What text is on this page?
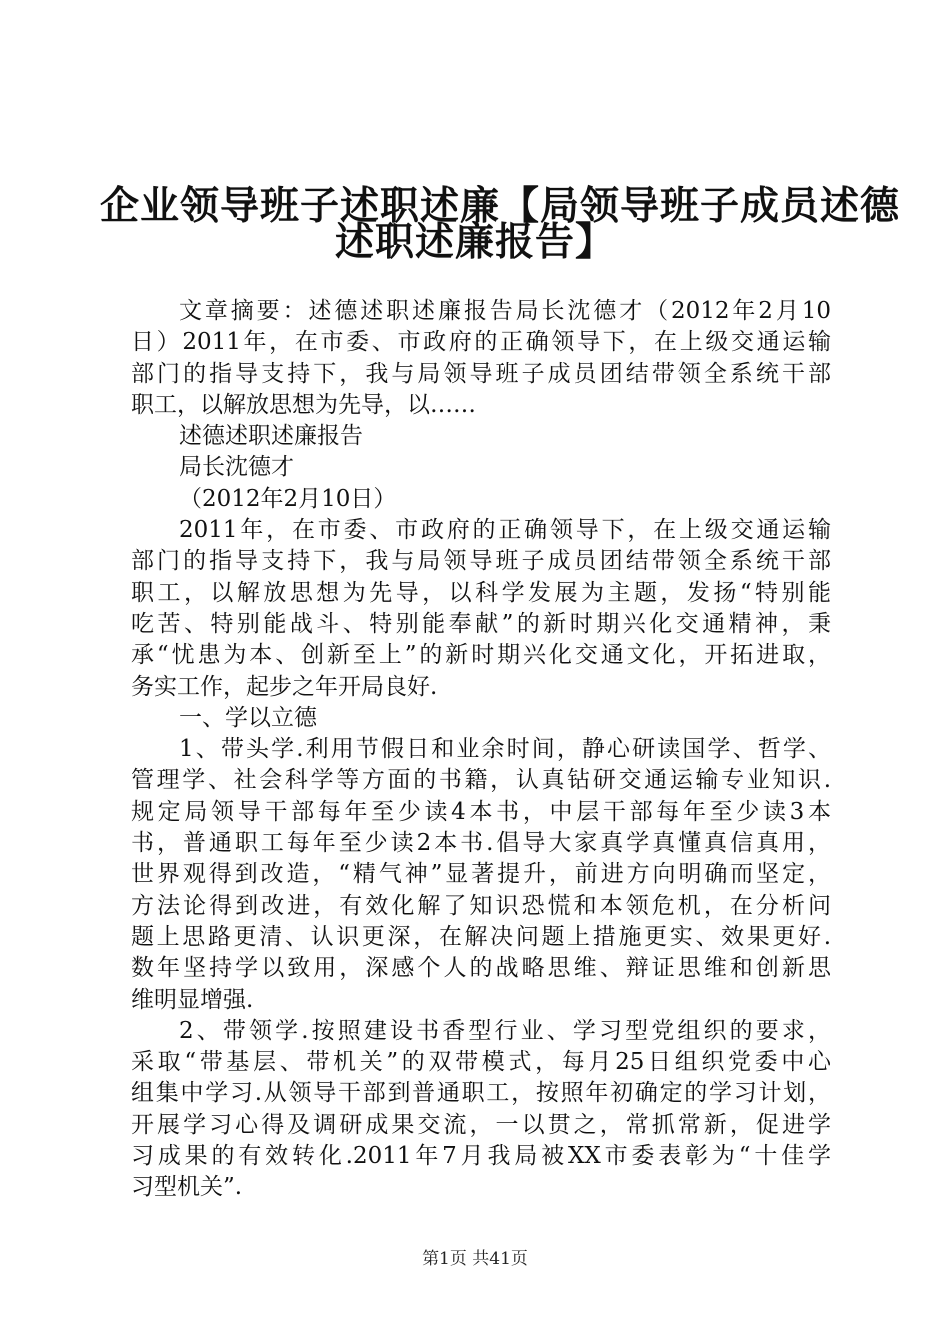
企业领导班子述职述廉【局领导班子成员述德
述职述廉报告】
文章摘要：述德述职述廉报告局长沈德才（2012年2月10
日）2011年，在市委、市政府的正确领导下，在上级交通运输
部门的指导支持下，我与局领导班子成员团结带领全系统干部
职工，以解放思想为先导，以……
述德述职述廉报告
局长沈德才
（2012年2月10日）
2011年，在市委、市政府的正确领导下，在上级交通运输
部门的指导支持下，我与局领导班子成员团结带领全系统干部
职工，以解放思想为先导，以科学发展为主题，发扬“特别能
吃苦、特别能战斗、特别能奉献”的新时期兴化交通精神，秉
承“忧患为本、创新至上”的新时期兴化交通文化，开拓进取，
务实工作，起步之年开局良好.
一、学以立德
1、带头学.利用节假日和业余时间，静心研读国学、哲学、
管理学、社会科学等方面的书籍，认真钻研交通运输专业知识.
规定局领导干部每年至少读4本书，中层干部每年至少读3本
书，普通职工每年至少读2本书.倡导大家真学真懂真信真用，
世界观得到改造，“精气神”显著提升，前进方向明确而坚定，
方法论得到改进，有效化解了知识恐慌和本领危机，在分析问
题上思路更清、认识更深，在解决问题上措施更实、效果更好.
数年坚持学以致用，深感个人的战略思维、辩证思维和创新思
维明显增强.
2、带领学.按照建设书香型行业、学习型党组织的要求，
采取“带基层、带机关”的双带模式，每月25日组织党委中心
组集中学习.从领导干部到普通职工，按照年初确定的学习计划，
开展学习心得及调研成果交流，一以贯之，常抓常新，促进学
习成果的有效转化.2011年7月我局被XX市委表彰为“十佳学
习型机关”.
第1页 共41页
